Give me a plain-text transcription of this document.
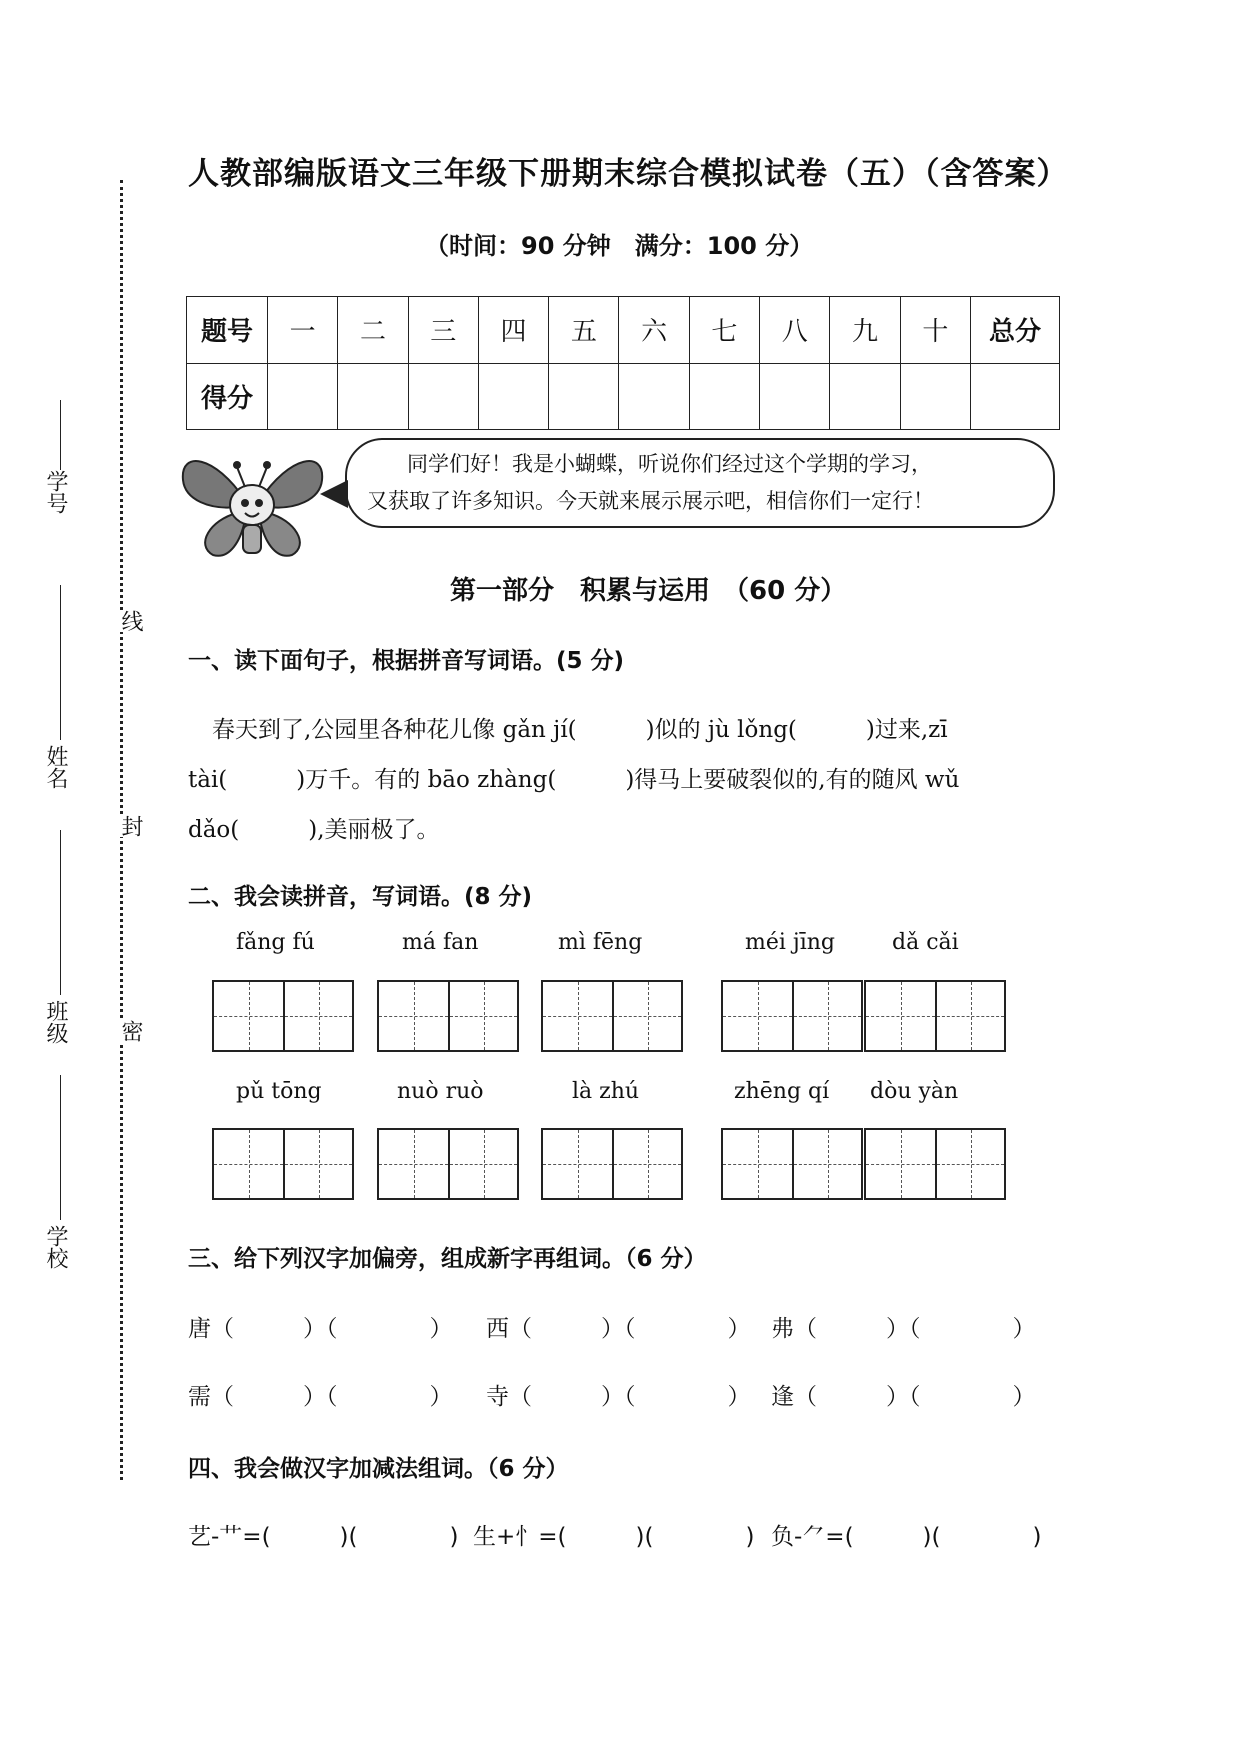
学号
姓名
班级
学校
线
封
密
人教部编版语文三年级下册期末综合模拟试卷（五）（含答案）
（时间：90 分钟　满分：100 分）
题号	一	二	三	四	五	六	七	八	九	十	总分
得分											
同学们好！我是小蝴蝶，听说你们经过这个学期的学习，
又获取了许多知识。今天就来展示展示吧，相信你们一定行！
第一部分　积累与运用　（60 分）
一、读下面句子，根据拼音写词语。(5 分)

春天到了,公园里各种花儿像 gǎn jí(　　　)似的 jù lǒng(　　　)过来,zī

tài(　　　)万千。有的 bāo zhàng(　　　)得马上要破裂似的,有的随风 wǔ

dǎo(　　　),美丽极了。

二、我会读拼音，写词语。(8 分)
fǎng fú	má fan	mì fēng	méi jīng	dǎ cǎi
pǔ tōng	nuò ruò	là zhú	zhēng qí dòu yàn
三、给下列汉字加偏旁，组成新字再组词。（6 分）
唐（　　　）（　　　　） 西（　　　）（　　　　） 弗（　　　）（　　　　）
需（　　　）（　　　　） 寺（　　　）（　　　　） 逢（　　　）（　　　　）
四、我会做汉字加减法组词。（6 分）
艺-艹=(　　　)(　　　　) 生+忄=(　　　)(　　　　) 负-⺈=(　　　)(　　　　)
